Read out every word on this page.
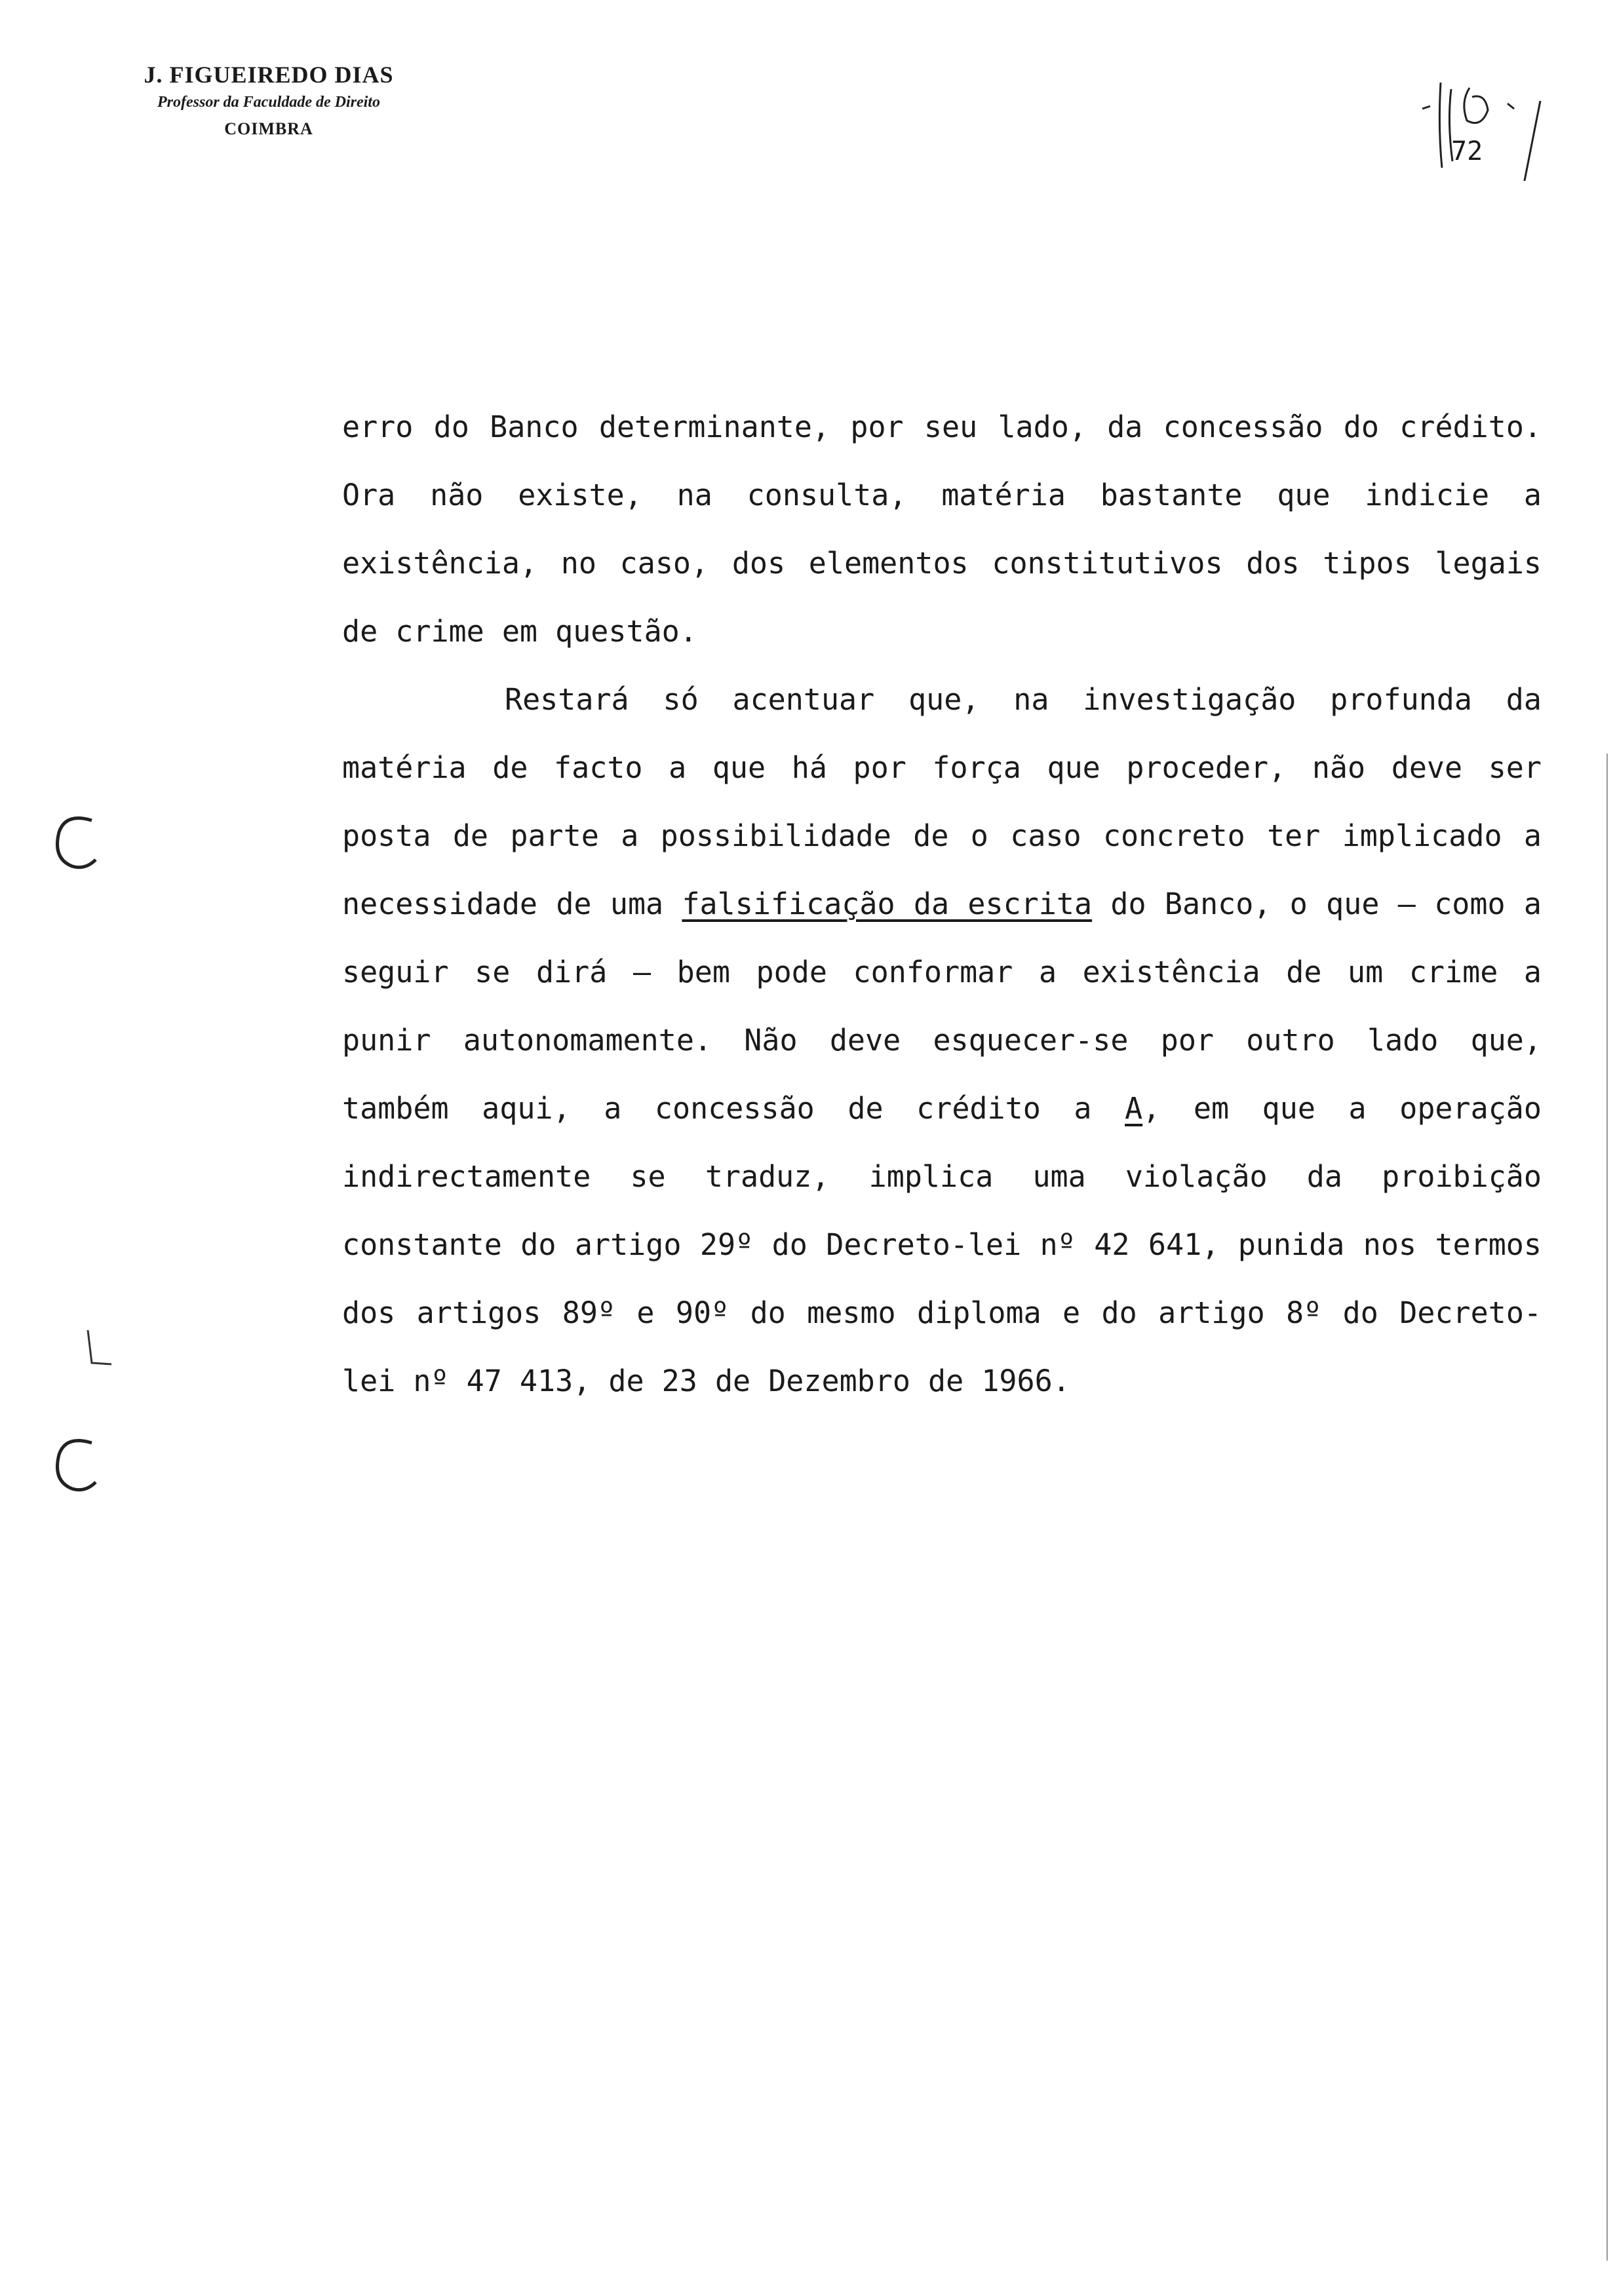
J. FIGUEIREDO DIAS
Professor da Faculdade de Direito
COIMBRA
72

erro do Banco determinante, por seu lado, da concessão do crédito. Ora não existe, na consulta, matéria bastante que indicie a existência, no caso, dos elementos constitutivos dos tipos legais de crime em questão.

Restará só acentuar que, na investigação profunda da matéria de facto a que há por força que proceder, não deve ser posta de parte a possibilidade de o caso concreto ter implicado a necessidade de uma falsificação da escrita do Banco, o que — como a seguir se dirá — bem pode conformar a existência de um crime a punir autonomamente. Não deve esquecer-se por outro lado que, também aqui, a concessão de crédito a A, em que a operação indirectamente se traduz, implica uma violação da proibição constante do artigo 29º do Decreto-lei nº 42 641, punida nos termos dos artigos 89º e 90º do mesmo diploma e do artigo 8º do Decreto-lei nº 47 413, de 23 de Dezembro de 1966.
